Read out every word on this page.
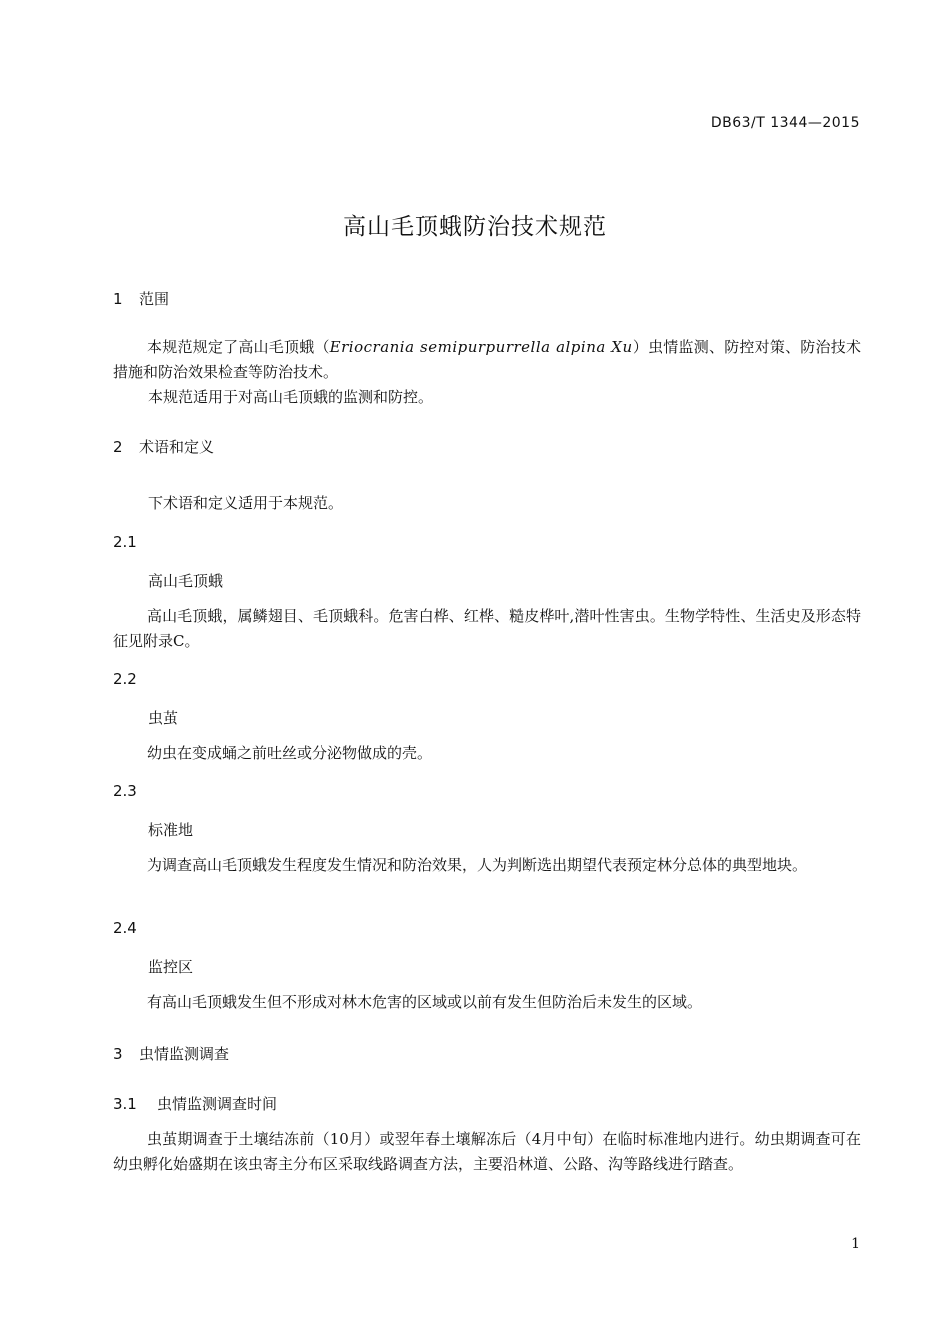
DB63/T 1344—2015
高山毛顶蛾防治技术规范
1 范围

本规范规定了高山毛顶蛾（Eriocrania semipurpurrella alpina Xu）虫情监测、防控对策、防治技术措施和防治效果检查等防治技术。

本规范适用于对高山毛顶蛾的监测和防控。

2 术语和定义

下术语和定义适用于本规范。

2.1
高山毛顶蛾

高山毛顶蛾，属鳞翅目、毛顶蛾科。危害白桦、红桦、糙皮桦叶,潜叶性害虫。生物学特性、生活史及形态特征见附录C。

2.2
虫茧

幼虫在变成蛹之前吐丝或分泌物做成的壳。

2.3
标准地

为调查高山毛顶蛾发生程度发生情况和防治效果，人为判断选出期望代表预定林分总体的典型地块。

2.4
监控区

有高山毛顶蛾发生但不形成对林木危害的区域或以前有发生但防治后未发生的区域。

3 虫情监测调查
3.1 虫情监测调查时间

虫茧期调查于土壤结冻前（10月）或翌年春土壤解冻后（4月中旬）在临时标准地内进行。幼虫期调查可在幼虫孵化始盛期在该虫寄主分布区采取线路调查方法，主要沿林道、公路、沟等路线进行踏查。

1
